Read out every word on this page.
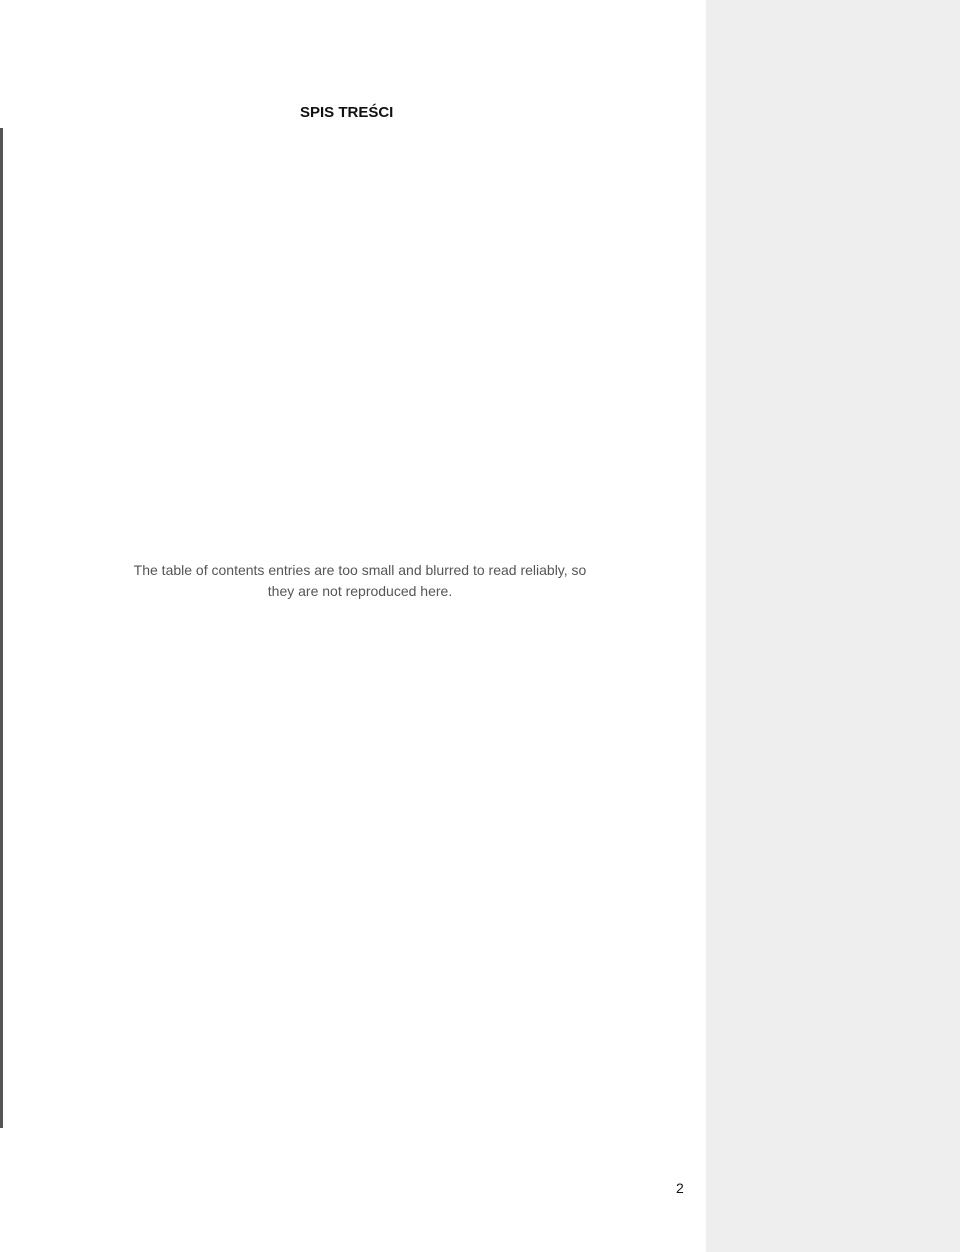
SPIS TREŚCI
The table of contents entries are too small and blurred to read reliably, so they are not reproduced here.
2
